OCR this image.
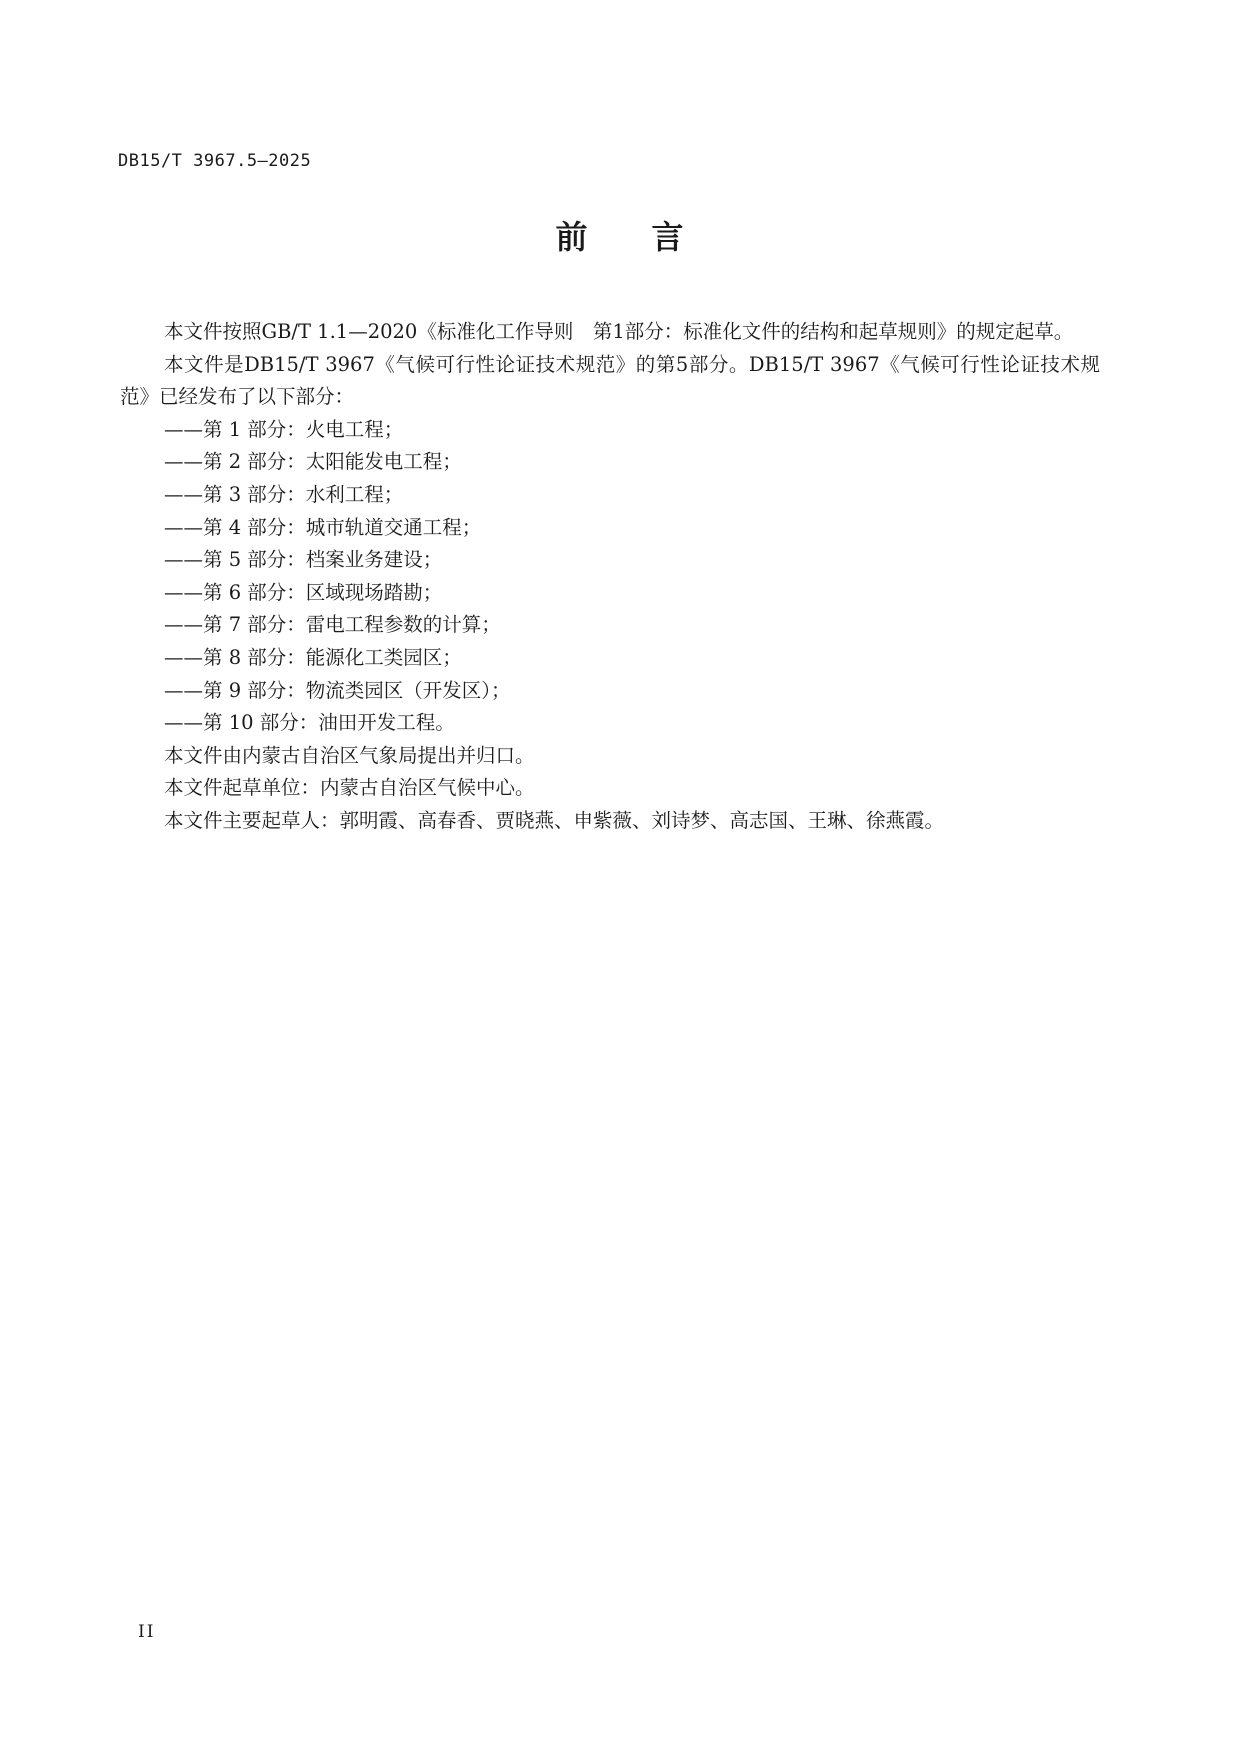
DB15/T 3967.5—2025
前 言

本文件按照GB/T 1.1—2020《标准化工作导则　第1部分：标准化文件的结构和起草规则》的规定起草。

本文件是DB15/T 3967《气候可行性论证技术规范》的第5部分。DB15/T 3967《气候可行性论证技术规范》已经发布了以下部分：

——第 1 部分：火电工程；

——第 2 部分：太阳能发电工程；

——第 3 部分：水利工程；

——第 4 部分：城市轨道交通工程；

——第 5 部分：档案业务建设；

——第 6 部分：区域现场踏勘；

——第 7 部分：雷电工程参数的计算；

——第 8 部分：能源化工类园区；

——第 9 部分：物流类园区（开发区）；

——第 10 部分：油田开发工程。

本文件由内蒙古自治区气象局提出并归口。

本文件起草单位：内蒙古自治区气候中心。

本文件主要起草人：郭明霞、高春香、贾晓燕、申紫薇、刘诗梦、高志国、王琳、徐燕霞。

II
